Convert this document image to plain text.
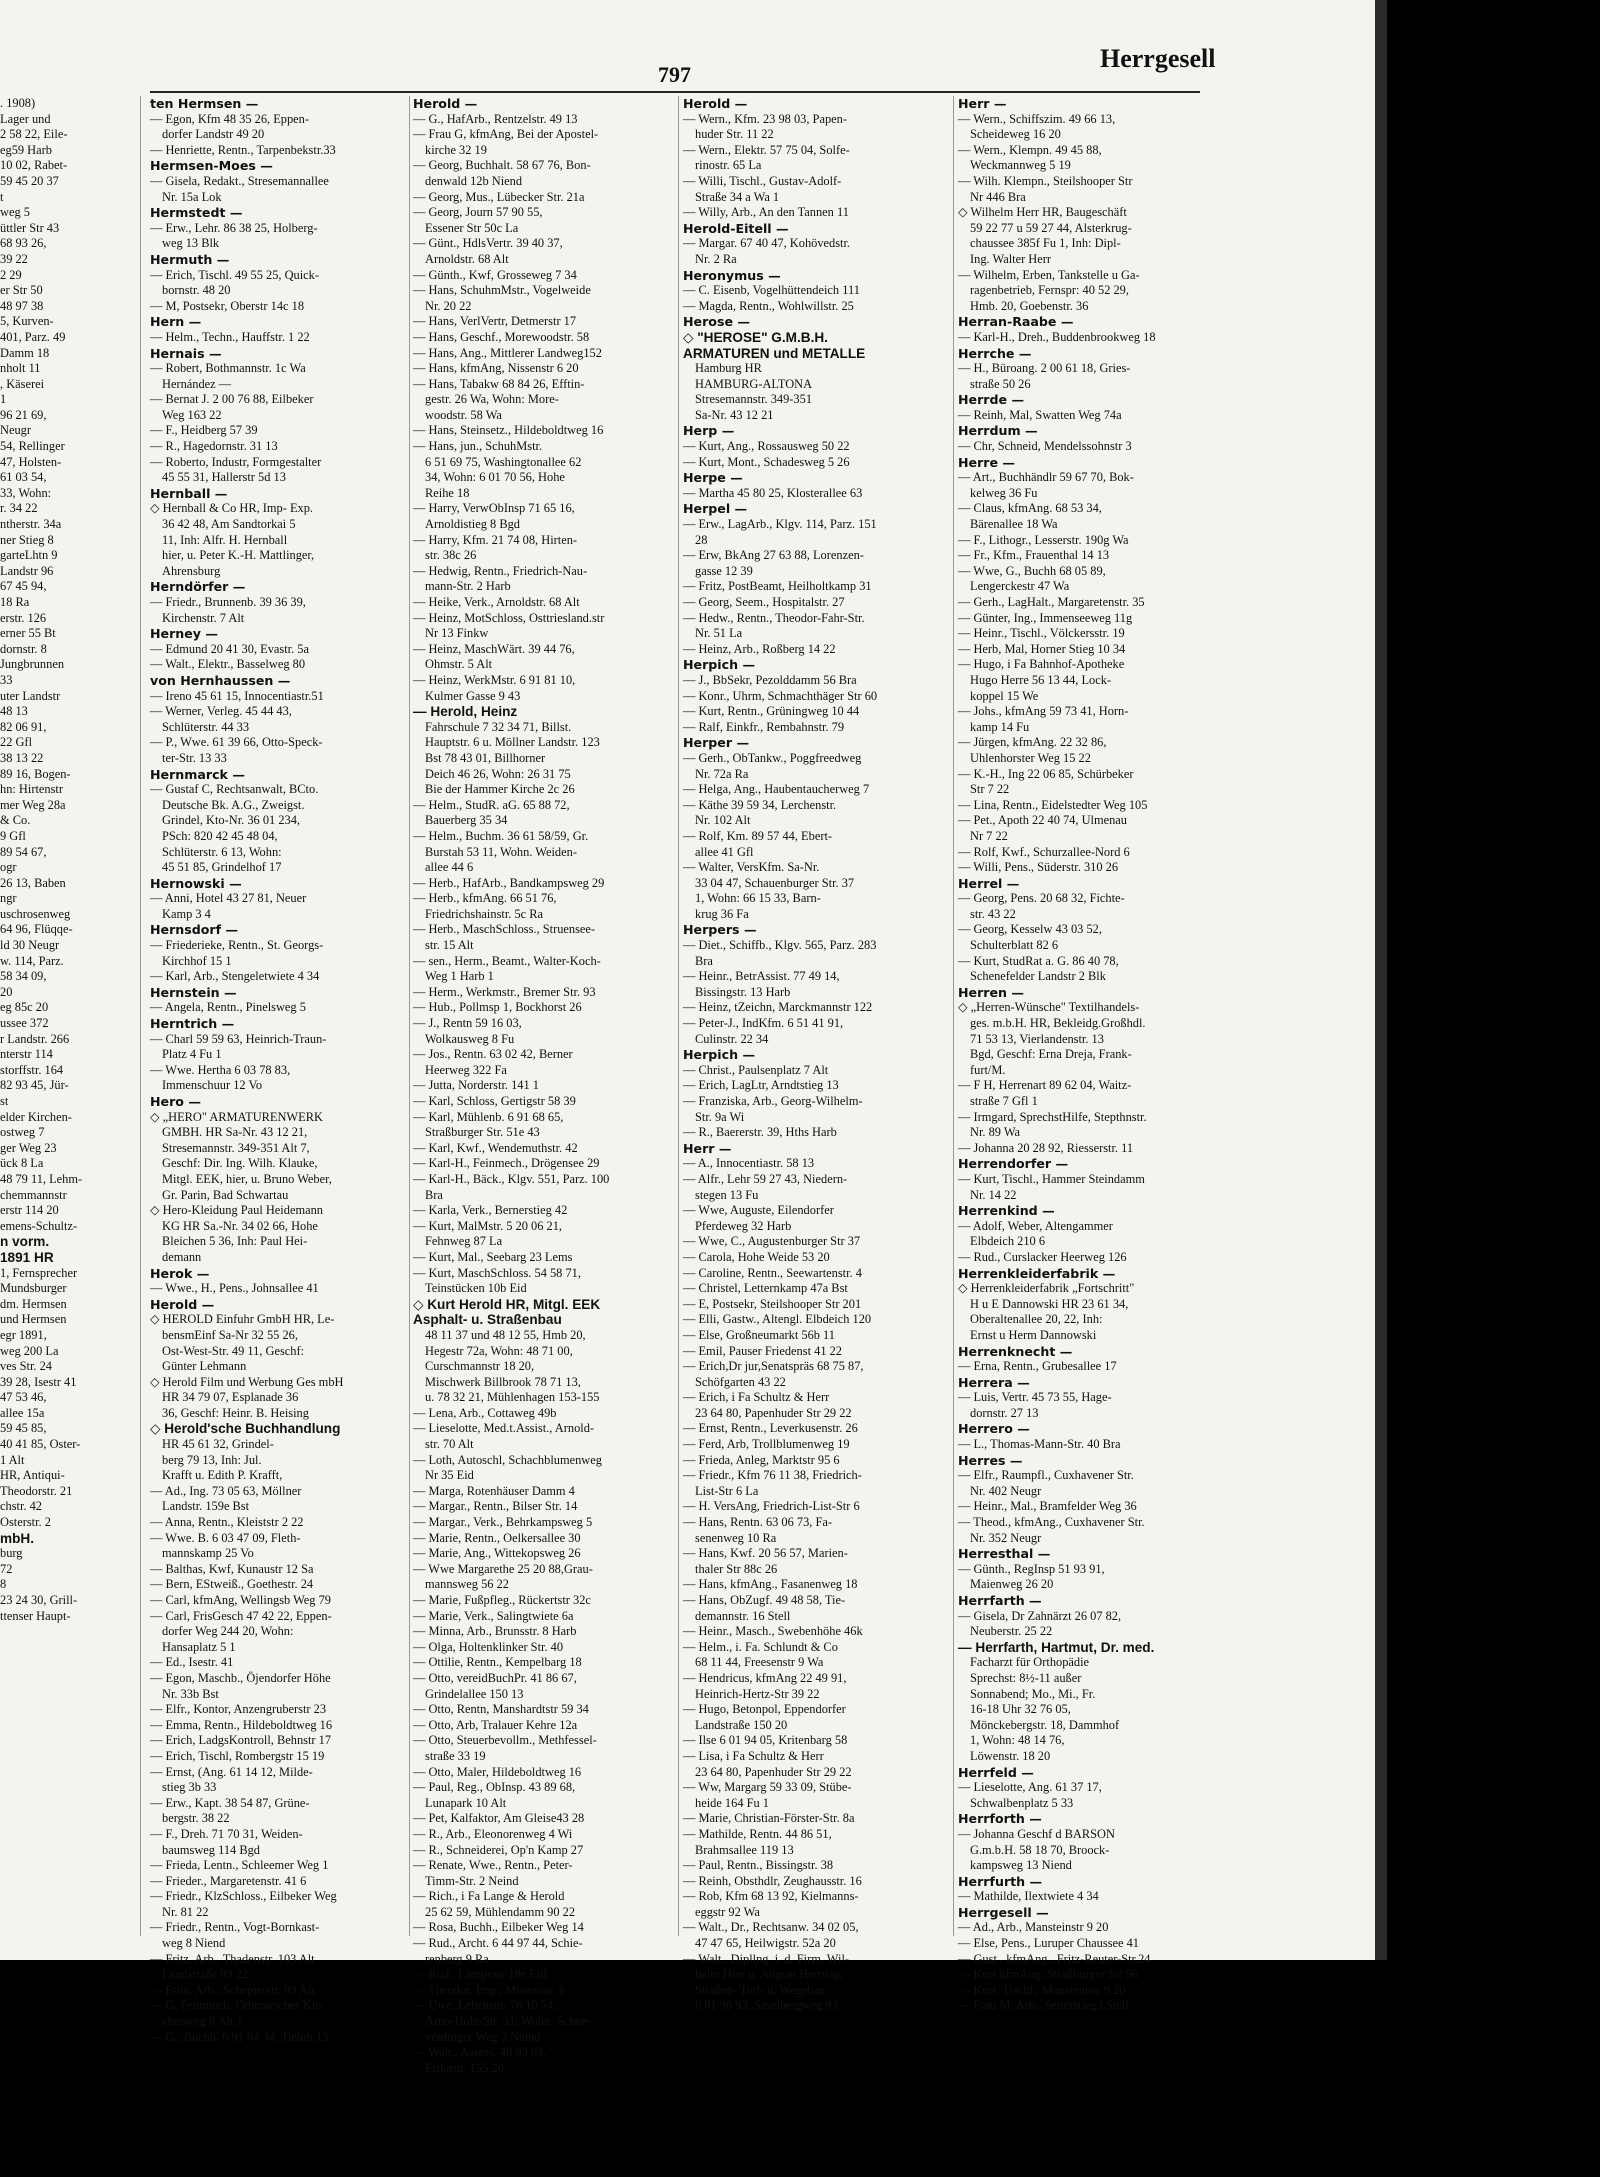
797
Herrgesell
. 1908)
Lager und
2 58 22, Eile-
eg59 Harb
10 02, Rabet-
59 45 20 37
t
weg 5
üttler Str 43
68 93 26,
39 22
2 29
er Str 50
48 97 38
5, Kurven-
401, Parz. 49
Damm 18
nholt 11
, Käserei
1
96 21 69,
Neugr
54, Rellinger
47, Holsten-
61 03 54,
33, Wohn:
r. 34 22
ntherstr. 34a
ner Stieg 8
garteLhtn 9
Landstr 96
67 45 94,
18 Ra
erstr. 126
erner 55 Bt
dornstr. 8
Jungbrunnen
33
uter Landstr
48 13
82 06 91,
22 Gfl
38 13 22
89 16, Bogen-
hn: Hirtenstr
mer Weg 28a
& Co.
9 Gfl
89 54 67,
ogr
26 13, Baben
ngr
uschrosenweg
64 96, Flüqqe-
ld 30 Neugr
w. 114, Parz.
58 34 09,
20
eg 85c 20
ussee 372
r Landstr. 266
nterstr 114
storffstr. 164
82 93 45, Jür-
st
elder Kirchen-
ostweg 7
ger Weg 23
ück 8 La
48 79 11, Lehm-
chemmannstr
erstr 114 20
emens-Schultz-
n vorm.
1891 HR
1, Fernsprecher
Mundsburger
dm. Hermsen
und Hermsen
egr 1891,
weg 200 La
ves Str. 24
39 28, Isestr 41
47 53 46,
allee 15a
59 45 85,
40 41 85, Oster-
1 Alt
HR, Antiqui-
Theodorstr. 21
chstr. 42
Osterstr. 2
mbH.
burg
72
8
23 24 30, Grill-
ttenser Haupt-
ten Hermsen —
— Egon, Kfm 48 35 26, Eppen-
dorfer Landstr 49 20
— Henriette, Rentn., Tarpenbekstr.33
Hermsen-Moes —
— Gisela, Redakt., Stresemannallee
Nr. 15a Lok
Hermstedt —
— Erw., Lehr. 86 38 25, Holberg-
weg 13 Blk
Hermuth —
— Erich, Tischl. 49 55 25, Quick-
bornstr. 48 20
— M, Postsekr, Oberstr 14c 18
Hern —
— Helm., Techn., Hauffstr. 1 22
Hernais —
— Robert, Bothmannstr. 1c Wa
Hernández —
— Bernat J. 2 00 76 88, Eilbeker
Weg 163 22
— F., Heidberg 57 39
— R., Hagedornstr. 31 13
— Roberto, Industr, Formgestalter
45 55 31, Hallerstr 5d 13
Hernball —
◇ Hernball & Co HR, Imp- Exp.
36 42 48, Am Sandtorkai 5
11, Inh: Alfr. H. Hernball
hier, u. Peter K.-H. Mattlinger,
Ahrensburg
Herndörfer —
— Friedr., Brunnenb. 39 36 39,
Kirchenstr. 7 Alt
Herney —
— Edmund 20 41 30, Evastr. 5a
— Walt., Elektr., Basselweg 80
von Hernhaussen —
— Ireno 45 61 15, Innocentiastr.51
— Werner, Verleg. 45 44 43,
Schlüterstr. 44 33
— P., Wwe. 61 39 66, Otto-Speck-
ter-Str. 13 33
Hernmarck —
— Gustaf C, Rechtsanwalt, BCto.
Deutsche Bk. A.G., Zweigst.
Grindel, Kto-Nr. 36 01 234,
PSch: 820 42 45 48 04,
Schlüterstr. 6 13, Wohn:
45 51 85, Grindelhof 17
Hernowski —
— Anni, Hotel 43 27 81, Neuer
Kamp 3 4
Hernsdorf —
— Friederieke, Rentn., St. Georgs-
Kirchhof 15 1
— Karl, Arb., Stengeletwiete 4 34
Hernstein —
— Angela, Rentn., Pinelsweg 5
Herntrich —
— Charl 59 59 63, Heinrich-Traun-
Platz 4 Fu 1
— Wwe. Hertha 6 03 78 83,
Immenschuur 12 Vo
Hero —
◇ „HERO" ARMATURENWERK
GMBH. HR Sa-Nr. 43 12 21,
Stresemannstr. 349-351 Alt 7,
Geschf: Dir. Ing. Wilh. Klauke,
Mitgl. EEK, hier, u. Bruno Weber,
Gr. Parin, Bad Schwartau
◇ Hero-Kleidung Paul Heidemann
KG HR Sa.-Nr. 34 02 66, Hohe
Bleichen 5 36, Inh: Paul Hei-
demann
Herok —
— Wwe., H., Pens., Johnsallee 41
Herold —
◇ HEROLD Einfuhr GmbH HR, Le-
bensmEinf Sa-Nr 32 55 26,
Ost-West-Str. 49 11, Geschf:
Günter Lehmann
◇ Herold Film und Werbung Ges mbH
HR 34 79 07, Esplanade 36
36, Geschf: Heinr. B. Heising
◇ Herold'sche Buchhandlung
HR 45 61 32, Grindel-
berg 79 13, Inh: Jul.
Krafft u. Edith P. Krafft,
— Ad., Ing. 73 05 63, Möllner
Landstr. 159e Bst
— Anna, Rentn., Kleiststr 2 22
— Wwe. B. 6 03 47 09, Fleth-
mannskamp 25 Vo
— Balthas, Kwf, Kunaustr 12 Sa
— Bern, EStweiß., Goethestr. 24
— Carl, kfmAng, Wellingsb Weg 79
— Carl, FrisGesch 47 42 22, Eppen-
dorfer Weg 244 20, Wohn:
Hansaplatz 5 1
— Ed., Isestr. 41
— Egon, Maschb., Öjendorfer Höhe
Nr. 33b Bst
— Elfr., Kontor, Anzengruberstr 23
— Emma, Rentn., Hildeboldtweg 16
— Erich, LadgsKontroll, Behnstr 17
— Erich, Tischl, Rombergstr 15 19
— Ernst, (Ang. 61 14 12, Milde-
stieg 3b 33
— Erw., Kapt. 38 54 87, Grüne-
bergstr. 38 22
— F., Dreh. 71 70 31, Weiden-
baumsweg 114 Bgd
— Frieda, Lentn., Schleemer Weg 1
— Frieder., Margaretenstr. 41 6
— Friedr., KlzSchloss., Eilbeker Weg
Nr. 81 22
— Friedr., Rentn., Vogt-Bornkast-
weg 8 Niend
— Fritz, Arb., Thadenstr. 103 Alt
Landstraße 93 22
— Fritz, Arb., Schepierstr. 93 Alt
— G, Feinmech, Othmarscher Kir-
chenweg 8 Alt 1
— G., Buchh. 6 91 04 34, Tieloh 13
Herold —
— G., HafArb., Rentzelstr. 49 13
— Frau G, kfmAng, Bei der Apostel-
kirche 32 19
— Georg, Buchhalt. 58 67 76, Bon-
denwald 12b Niend
— Georg, Mus., Lübecker Str. 21a
— Georg, Journ 57 90 55,
Essener Str 50c La
— Günt., HdlsVertr. 39 40 37,
Arnoldstr. 68 Alt
— Günth., Kwf, Grosseweg 7 34
— Hans, SchuhmMstr., Vogelweide
Nr. 20 22
— Hans, VerlVertr, Detmerstr 17
— Hans, Geschf., Morewoodstr. 58
— Hans, Ang., Mittlerer Landweg152
— Hans, kfmAng, Nissenstr 6 20
— Hans, Tabakw 68 84 26, Efftin-
gestr. 26 Wa, Wohn: More-
woodstr. 58 Wa
— Hans, Steinsetz., Hildeboldtweg 16
— Hans, jun., SchuhMstr.
6 51 69 75, Washingtonallee 62
34, Wohn: 6 01 70 56, Hohe
Reihe 18
— Harry, VerwObInsp 71 65 16,
Arnoldistieg 8 Bgd
— Harry, Kfm. 21 74 08, Hirten-
str. 38c 26
— Hedwig, Rentn., Friedrich-Nau-
mann-Str. 2 Harb
— Heike, Verk., Arnoldstr. 68 Alt
— Heinz, MotSchloss, Osttriesland.str
Nr 13 Finkw
— Heinz, MaschWärt. 39 44 76,
Ohmstr. 5 Alt
— Heinz, WerkMstr. 6 91 81 10,
Kulmer Gasse 9 43
— Herold, Heinz
Fahrschule 7 32 34 71, Billst.
Hauptstr. 6 u. Möllner Landstr. 123
Bst 78 43 01, Billhorner
Deich 46 26, Wohn: 26 31 75
Bie der Hammer Kirche 2c 26
— Helm., StudR. aG. 65 88 72,
Bauerberg 35 34
— Helm., Buchm. 36 61 58/59, Gr.
Burstah 53 11, Wohn. Weiden-
allee 44 6
— Herb., HafArb., Bandkampsweg 29
— Herb., kfmAng. 66 51 76,
Friedrichshainstr. 5c Ra
— Herb., MaschSchloss., Struensee-
str. 15 Alt
— sen., Herm., Beamt., Walter-Koch-
Weg 1 Harb 1
— Herm., Werkmstr., Bremer Str. 93
— Hub., Pollmsp 1, Bockhorst 26
— J., Rentn 59 16 03,
Wolkausweg 8 Fu
— Jos., Rentn. 63 02 42, Berner
Heerweg 322 Fa
— Jutta, Norderstr. 141 1
— Karl, Schloss, Gertigstr 58 39
— Karl, Mühlenb. 6 91 68 65,
Straßburger Str. 51e 43
— Karl, Kwf., Wendemuthstr. 42
— Karl-H., Feinmech., Drögensee 29
— Karl-H., Bäck., Klgv. 551, Parz. 100
Bra
— Karla, Verk., Bernerstieg 42
— Kurt, MalMstr. 5 20 06 21,
Fehnweg 87 La
— Kurt, Mal., Seebarg 23 Lems
— Kurt, MaschSchloss. 54 58 71,
Teinstücken 10b Eid
◇ Kurt Herold HR, Mitgl. EEK
Asphalt- u. Straßenbau
48 11 37 und 48 12 55, Hmb 20,
Hegestr 72a, Wohn: 48 71 00,
Curschmannstr 18 20,
Mischwerk Billbrook 78 71 13,
u. 78 32 21, Mühlenhagen 153-155
— Lena, Arb., Cottaweg 49b
— Lieselotte, Med.t.Assist., Arnold-
str. 70 Alt
— Loth, Autoschl, Schachblumenweg
Nr 35 Eid
— Marga, Rotenhäuser Damm 4
— Margar., Rentn., Bilser Str. 14
— Margar., Verk., Behrkampsweg 5
— Marie, Rentn., Oelkersallee 30
— Marie, Ang., Wittekopsweg 26
— Wwe Margarethe 25 20 88,Grau-
mannsweg 56 22
— Marie, Fußpfleg., Rückertstr 32c
— Marie, Verk., Salingtwiete 6a
— Minna, Arb., Brunsstr. 8 Harb
— Olga, Holtenklinker Str. 40
— Ottilie, Rentn., Kempelbarg 18
— Otto, vereidBuchPr. 41 86 67,
Grindelallee 150 13
— Otto, Rentn, Manshardtstr 59 34
— Otto, Arb, Tralauer Kehre 12a
— Otto, Steuerbevollm., Methfessel-
straße 33 19
— Otto, Maler, Hildeboldtweg 16
— Paul, Reg., ObInsp. 43 89 68,
Lunapark 10 Alt
— Pet, Kalfaktor, Am Gleise43 28
— R., Arb., Eleonorenweg 4 Wi
— R., Schneiderei, Op'n Kamp 27
— Renate, Wwe., Rentn., Peter-
Timm-Str. 2 Neind
— Rich., i Fa Lange & Herold
25 62 59, Mühlendamm 90 22
— Rosa, Buchh., Eilbeker Weg 14
— Rud., Archt. 6 44 97 44, Schie-
renberg 9 Ra
— Rud., Lampestr 18e Eid
— Theodor, Imp., Mistralstr. 6
— Uwe, Lebensm. 76 10 54,
Arno-Holz-Str. 31, Wohn: Schne-
verdinger Weg 3 Neind
— Walt., Assess. 48 93 03,
Erikastr. 155 20
Herold —
— Wern., Kfm. 23 98 03, Papen-
huder Str. 11 22
— Wern., Elektr. 57 75 04, Solfe-
rinostr. 65 La
— Willi, Tischl., Gustav-Adolf-
Straße 34 a Wa 1
— Willy, Arb., An den Tannen 11
Herold-Eitell —
— Margar. 67 40 47, Kohövedstr.
Nr. 2 Ra
Heronymus —
— C. Eisenb, Vogelhüttendeich 111
— Magda, Rentn., Wohlwillstr. 25
Herose —
◇ "HEROSE" G.M.B.H.
ARMATUREN und METALLE
Hamburg HR
HAMBURG-ALTONA
Stresemannstr. 349-351
Sa-Nr. 43 12 21
Herp —
— Kurt, Ang., Rossausweg 50 22
— Kurt, Mont., Schadesweg 5 26
Herpe —
— Martha 45 80 25, Klosterallee 63
Herpel —
— Erw., LagArb., Klgv. 114, Parz. 151
28
— Erw, BkAng 27 63 88, Lorenzen-
gasse 12 39
— Fritz, PostBeamt, Heilholtkamp 31
— Georg, Seem., Hospitalstr. 27
— Hedw., Rentn., Theodor-Fahr-Str.
Nr. 51 La
— Heinz, Arb., Roßberg 14 22
Herpich —
— J., BbSekr, Pezolddamm 56 Bra
— Konr., Uhrm, Schmachthäger Str 60
— Kurt, Rentn., Grüningweg 10 44
— Ralf, Einkfr., Rembahnstr. 79
Herper —
— Gerh., ObTankw., Poggfreedweg
Nr. 72a Ra
— Helga, Ang., Haubentaucherweg 7
— Käthe 39 59 34, Lerchenstr.
Nr. 102 Alt
— Rolf, Km. 89 57 44, Ebert-
allee 41 Gfl
— Walter, VersKfm. Sa-Nr.
33 04 47, Schauenburger Str. 37
1, Wohn: 66 15 33, Barn-
krug 36 Fa
Herpers —
— Diet., Schiffb., Klgv. 565, Parz. 283
Bra
— Heinr., BetrAssist. 77 49 14,
Bissingstr. 13 Harb
— Heinz, tZeichn, Marckmannstr 122
— Peter-J., IndKfm. 6 51 41 91,
Culinstr. 22 34
Herpich —
— Christ., Paulsenplatz 7 Alt
— Erich, LagLtr, Arndtstieg 13
— Franziska, Arb., Georg-Wilhelm-
Str. 9a Wi
— R., Baererstr. 39, Hths Harb
Herr —
— A., Innocentiastr. 58 13
— Alfr., Lehr 59 27 43, Niedern-
stegen 13 Fu
— Wwe, Auguste, Eilendorfer
Pferdeweg 32 Harb
— Wwe, C., Augustenburger Str 37
— Carola, Hohe Weide 53 20
— Caroline, Rentn., Seewartenstr. 4
— Christel, Letternkamp 47a Bst
— E, Postsekr, Steilshooper Str 201
— Elli, Gastw., Altengl. Elbdeich 120
— Else, Großneumarkt 56b 11
— Emil, Pauser Friedenst 41 22
— Erich,Dr jur,Senatspräs 68 75 87,
Schöfgarten 43 22
— Erich, i Fa Schultz & Herr
23 64 80, Papenhuder Str 29 22
— Ernst, Rentn., Leverkusenstr. 26
— Ferd, Arb, Trollblumenweg 19
— Frieda, Anleg, Marktstr 95 6
— Friedr., Kfm 76 11 38, Friedrich-
List-Str 6 La
— H. VersAng, Friedrich-List-Str 6
— Hans, Rentn. 63 06 73, Fa-
senenweg 10 Ra
— Hans, Kwf. 20 56 57, Marien-
thaler Str 88c 26
— Hans, kfmAng., Fasanenweg 18
— Hans, ObZugf. 49 48 58, Tie-
demannstr. 16 Stell
— Heinr., Masch., Swebenhöhe 46k
— Helm., i. Fa. Schlundt & Co
68 11 44, Freesenstr 9 Wa
— Hendricus, kfmAng 22 49 91,
Heinrich-Hertz-Str 39 22
— Hugo, Betonpol, Eppendorfer
Landstraße 150 20
— Ilse 6 01 94 05, Kritenbarg 58
— Lisa, i Fa Schultz & Herr
23 64 80, Papenhuder Str 29 22
— Ww, Margarg 59 33 09, Stübe-
heide 164 Fu 1
— Marie, Christian-Förster-Str. 8a
— Mathilde, Rentn. 44 86 51,
Brahmsallee 119 13
— Paul, Rentn., Bissingstr. 38
— Reinh, Obsthdlr, Zeughausstr. 16
— Rob, Kfm 68 13 92, Kielmanns-
eggstr 92 Wa
— Walt., Dr., Rechtsanw. 34 02 05,
47 47 65, Heilwigstr. 52a 20
— Walt., Dipllng. i. d. Firm. Wil-
helm Herr u. August Hertwig,
Straßen- Tief- u. Wegebau
6 01 96 93, Saselbergweg 93
Herr —
— Wern., Schiffszim. 49 66 13,
Scheideweg 16 20
— Wern., Klempn. 49 45 88,
Weckmannweg 5 19
— Wilh. Klempn., Steilshooper Str
Nr 446 Bra
◇ Wilhelm Herr HR, Baugeschäft
59 22 77 u 59 27 44, Alsterkrug-
chaussee 385f Fu 1, Inh: Dipl-
Ing. Walter Herr
— Wilhelm, Erben, Tankstelle u Ga-
ragenbetrieb, Fernspr: 40 52 29,
Hmb. 20, Goebenstr. 36
Herran-Raabe —
— Karl-H., Dreh., Buddenbrookweg 18
Herrche —
— H., Büroang. 2 00 61 18, Gries-
straße 50 26
Herrde —
— Reinh, Mal, Swatten Weg 74a
Herrdum —
— Chr, Schneid, Mendelssohnstr 3
Herre —
— Art., Buchhändlr 59 67 70, Bok-
kelweg 36 Fu
— Claus, kfmAng. 68 53 34,
Bärenallee 18 Wa
— F., Lithogr., Lesserstr. 190g Wa
— Fr., Kfm., Frauenthal 14 13
— Wwe, G., Buchh 68 05 89,
Lengerckestr 47 Wa
— Gerh., LagHalt., Margaretenstr. 35
— Günter, Ing., Immenseeweg 11g
— Heinr., Tischl., Völckersstr. 19
— Herb, Mal, Horner Stieg 10 34
— Hugo, i Fa Bahnhof-Apotheke
Hugo Herre 56 13 44, Lock-
koppel 15 We
— Johs., kfmAng 59 73 41, Horn-
kamp 14 Fu
— Jürgen, kfmAng. 22 32 86,
Uhlenhorster Weg 15 22
— K.-H., Ing 22 06 85, Schürbeker
Str 7 22
— Lina, Rentn., Eidelstedter Weg 105
— Pet., Apoth 22 40 74, Ulmenau
Nr 7 22
— Rolf, Kwf., Schurzallee-Nord 6
— Willi, Pens., Süderstr. 310 26
Herrel —
— Georg, Pens. 20 68 32, Fichte-
str. 43 22
— Georg, Kesselw 43 03 52,
Schulterblatt 82 6
— Kurt, StudRat a. G. 86 40 78,
Schenefelder Landstr 2 Blk
Herren —
◇ „Herren-Wünsche" Textilhandels-
ges. m.b.H. HR, Bekleidg.Großhdl.
71 53 13, Vierlandenstr. 13
Bgd, Geschf: Erna Dreja, Frank-
furt/M.
— F H, Herrenart 89 62 04, Waitz-
straße 7 Gfl 1
— Irmgard, SprechstHilfe, Stepthnstr.
Nr. 89 Wa
— Johanna 20 28 92, Riesserstr. 11
Herrendorfer —
— Kurt, Tischl., Hammer Steindamm
Nr. 14 22
Herrenkind —
— Adolf, Weber, Altengammer
Elbdeich 210 6
— Rud., Curslacker Heerweg 126
Herrenkleiderfabrik —
◇ Herrenkleiderfabrik „Fortschritt"
H u E Dannowski HR 23 61 34,
Oberaltenallee 20, 22, Inh:
Ernst u Herm Dannowski
Herrenknecht —
— Erna, Rentn., Grubesallee 17
Herrera —
— Luis, Vertr. 45 73 55, Hage-
dornstr. 27 13
Herrero —
— L., Thomas-Mann-Str. 40 Bra
Herres —
— Elfr., Raumpfl., Cuxhavener Str.
Nr. 402 Neugr
— Heinr., Mal., Bramfelder Weg 36
— Theod., kfmAng., Cuxhavener Str.
Nr. 352 Neugr
Herresthal —
— Günth., RegInsp 51 93 91,
Maienweg 26 20
Herrfarth —
— Gisela, Dr Zahnärzt 26 07 82,
Neuberstr. 25 22
— Herrfarth, Hartmut, Dr. med.
Facharzt für Orthopädie
Sprechst: 8½-11 außer
Sonnabend; Mo., Mi., Fr.
16-18 Uhr 32 76 05,
Mönckebergstr. 18, Dammhof
1, Wohn: 48 14 76,
Löwenstr. 18 20
Herrfeld —
— Lieselotte, Ang. 61 37 17,
Schwalbenplatz 5 33
Herrforth —
— Johanna Geschf d BARSON
G.m.b.H. 58 18 70, Broock-
kampsweg 13 Niend
Herrfurth —
— Mathilde, Ilextwiete 4 34
Herrgesell —
— Ad., Arb., Mansteinstr 9 20
— Else, Pens., Luruper Chaussee 41
— Gust., kfmAng., Fritz-Reuter-Str.24
— Kurt kfmAng, Straßburger Str 96
— Kurt, Tischl., Mansteinstr 9 20
— Frau M, Arb., Setterstieg3 Stell
